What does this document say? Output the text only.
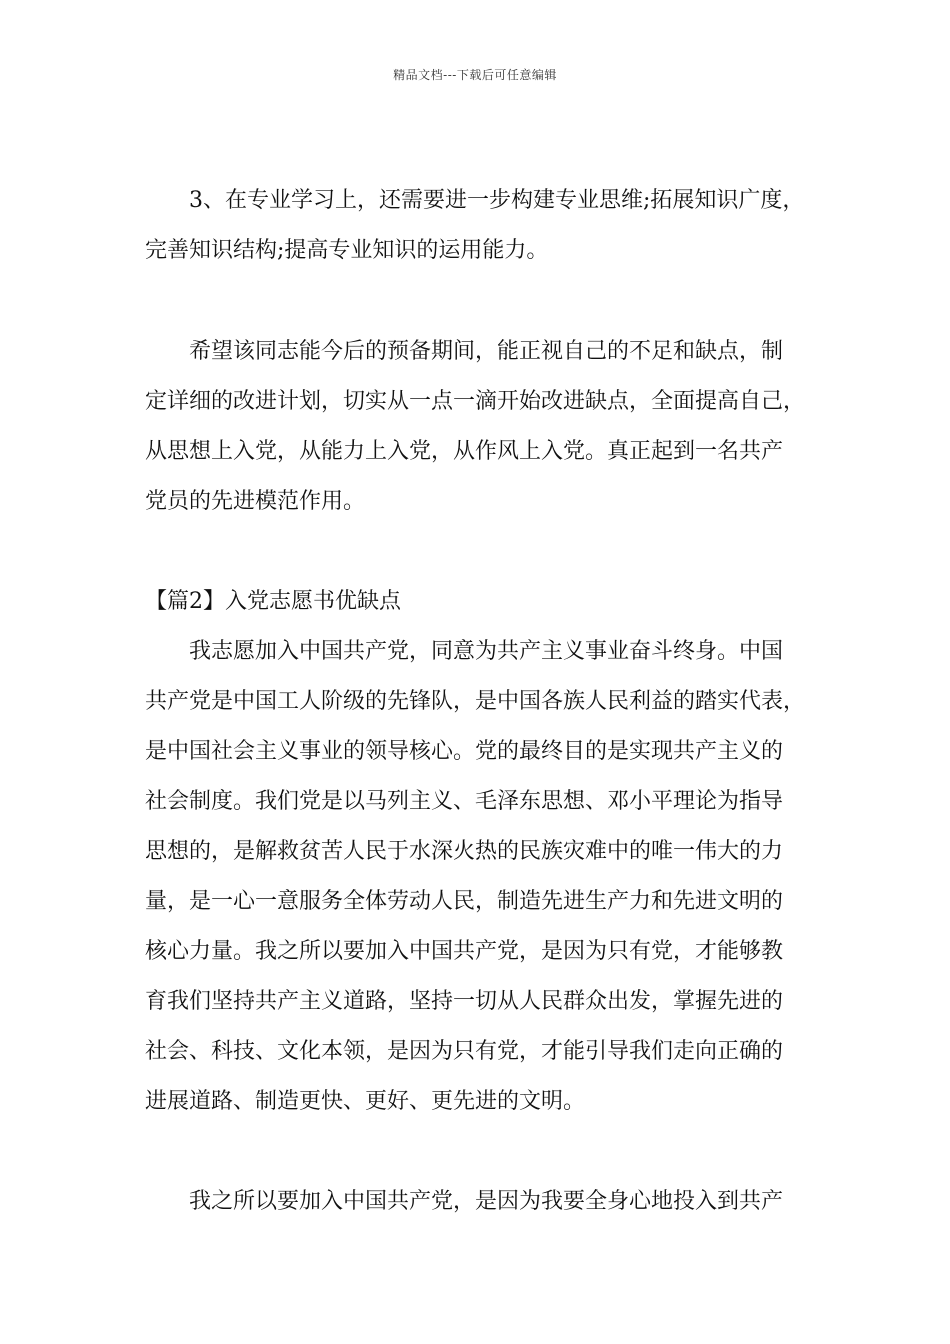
精品文档---下载后可任意编辑
3、在专业学习上，还需要进一步构建专业思维;拓展知识广度，
完善知识结构;提高专业知识的运用能力。
希望该同志能今后的预备期间，能正视自己的不足和缺点，制
定详细的改进计划，切实从一点一滴开始改进缺点，全面提高自己，
从思想上入党，从能力上入党，从作风上入党。真正起到一名共产
党员的先进模范作用。
【篇2】入党志愿书优缺点
我志愿加入中国共产党，同意为共产主义事业奋斗终身。中国
共产党是中国工人阶级的先锋队，是中国各族人民利益的踏实代表，
是中国社会主义事业的领导核心。党的最终目的是实现共产主义的
社会制度。我们党是以马列主义、毛泽东思想、邓小平理论为指导
思想的，是解救贫苦人民于水深火热的民族灾难中的唯一伟大的力
量，是一心一意服务全体劳动人民，制造先进生产力和先进文明的
核心力量。我之所以要加入中国共产党，是因为只有党，才能够教
育我们坚持共产主义道路，坚持一切从人民群众出发，掌握先进的
社会、科技、文化本领，是因为只有党，才能引导我们走向正确的
进展道路、制造更快、更好、更先进的文明。
我之所以要加入中国共产党，是因为我要全身心地投入到共产
